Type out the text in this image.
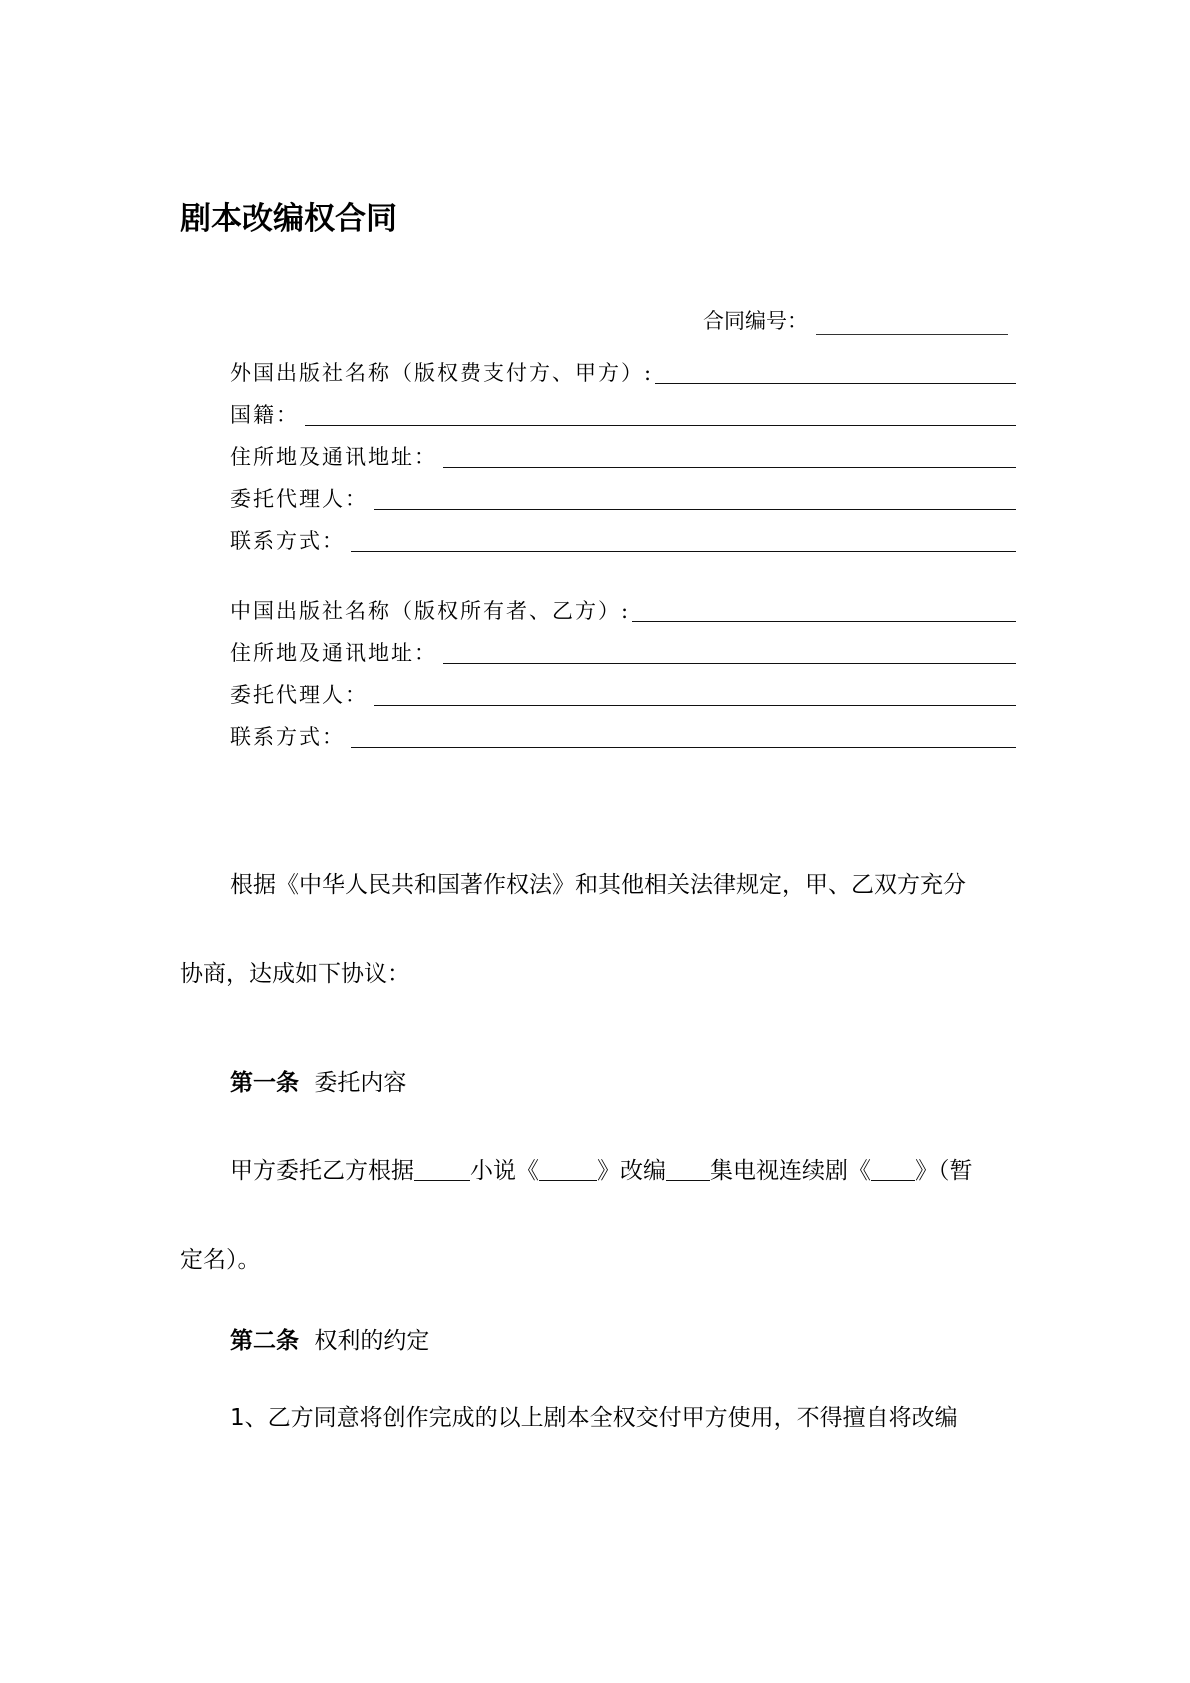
剧本改编权合同
合同编号：
外国出版社名称（版权费支付方、甲方）:
国籍：
住所地及通讯地址：
委托代理人：
联系方式：
中国出版社名称（版权所有者、乙方）:
住所地及通讯地址：
委托代理人：
联系方式：
根据《中华人民共和国著作权法》和其他相关法律规定，甲、乙双方充分
协商，达成如下协议：
第一条 委托内容
甲方委托乙方根据 小说《	》改编 集电视连续剧《 》（暂
定名）。
第二条 权利的约定
1、乙方同意将创作完成的以上剧本全权交付甲方使用，不得擅自将改编
